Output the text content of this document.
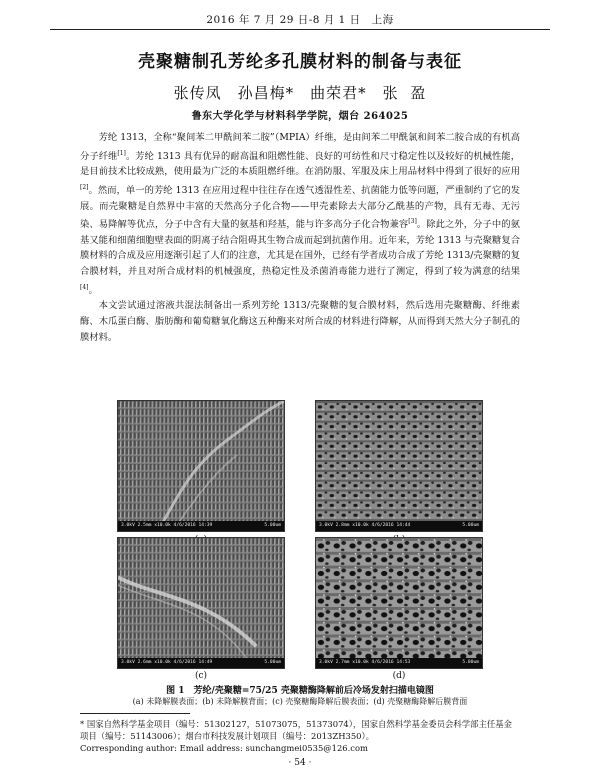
2016 年 7 月 29 日-8 月 1 日　上海
壳聚糖制孔芳纶多孔膜材料的制备与表征
张传凤　孙昌梅*　曲荣君*　张 盈
鲁东大学化学与材料科学学院，烟台 264025

芳纶 1313，全称“聚间苯二甲酰间苯二胺”（MPIA）纤维，是由间苯二甲酰氯和间苯二胺合成的有机高分子纤维[1]。芳纶 1313 具有优异的耐高温和阻燃性能、良好的可纺性和尺寸稳定性以及较好的机械性能，是目前技术比较成熟，使用最为广泛的本质阻燃纤维。在消防服、军服及床上用品材料中得到了很好的应用[2]。然而，单一的芳纶 1313 在应用过程中往往存在透气透湿性差、抗菌能力低等问题，严重制约了它的发展。而壳聚糖是自然界中丰富的天然高分子化合物——甲壳素除去大部分乙酰基的产物，具有无毒、无污染、易降解等优点，分子中含有大量的氨基和羟基，能与许多高分子化合物兼容[3]。除此之外，分子中的氨基又能和细菌细胞壁表面的阴离子结合阻碍其生物合成而起到抗菌作用。近年来，芳纶 1313 与壳聚糖复合膜材料的合成及应用逐渐引起了人们的注意，尤其是在国外，已经有学者成功合成了芳纶 1313/壳聚糖的复合膜材料，并且对所合成材料的机械强度，热稳定性及杀菌消毒能力进行了测定，得到了较为满意的结果[4]。

本文尝试通过溶液共混法制备出一系列芳纶 1313/壳聚糖的复合膜材料，然后选用壳聚糖酶、纤维素酶、木瓜蛋白酶、脂肪酶和葡萄糖氧化酶这五种酶来对所合成的材料进行降解，从而得到天然大分子制孔的膜材料。

3.0kV 2.5mm x10.0k 4/6/2016 14:39	5.00um	3.0kV 2.8mm x10.0k 4/6/2016 14:44	5.00um
3.0kV 2.6mm x10.0k 4/6/2016 14:49	5.00um
(c)
3.0kV 2.7mm x10.0k 4/6/2016 14:53	5.00um
(d)
图 1　芳纶/壳聚糖=75/25 壳聚糖酶降解前后冷场发射扫描电镜图
(a) 未降解膜表面；(b) 未降解膜背面；(c) 壳聚糖酶降解后膜表面；(d) 壳聚糖酶降解后膜背面
* 国家自然科学基金项目（编号：51302127，51073075，51373074），国家自然科学基金委员会科学部主任基金项目（编号：51143006）；烟台市科技发展计划项目（编号：2013ZH350）。
Corresponding author: Email address: sunchangmei0535@126.com
· 54 ·
